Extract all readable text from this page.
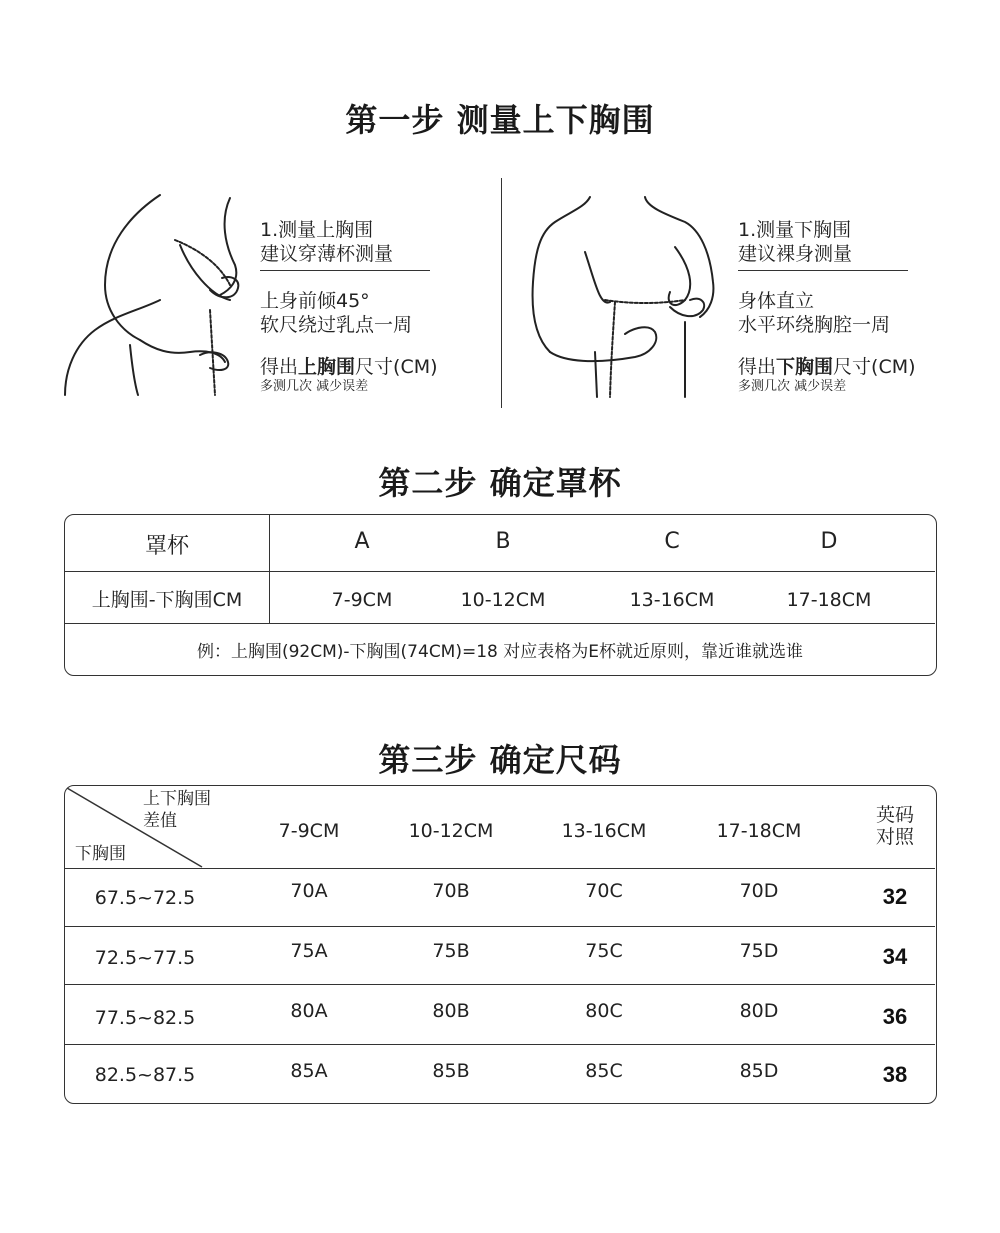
第一步 测量上下胸围
1.测量上胸围
建议穿薄杯测量
上身前倾45°
软尺绕过乳点一周
得出上胸围尺寸(CM)
多测几次 减少误差
1.测量下胸围
建议裸身测量
身体直立
水平环绕胸腔一周
得出下胸围尺寸(CM)
多测几次 减少误差
第二步 确定罩杯
罩杯	A	B	C	D
上胸围-下胸围CM	7-9CM	10-12CM	13-16CM	17-18CM
例：上胸围(92CM)-下胸围(74CM)=18 对应表格为E杯就近原则，靠近谁就选谁
第三步 确定尺码
上下胸围
差值
下胸围
7-9CM	10-12CM	13-16CM	17-18CM
英码
对照
67.5~72.5	70A	70B	70C	70D	32
72.5~77.5	75A	75B	75C	75D	34
77.5~82.5	80A	80B	80C	80D	36
82.5~87.5	85A	85B	85C	85D	38
